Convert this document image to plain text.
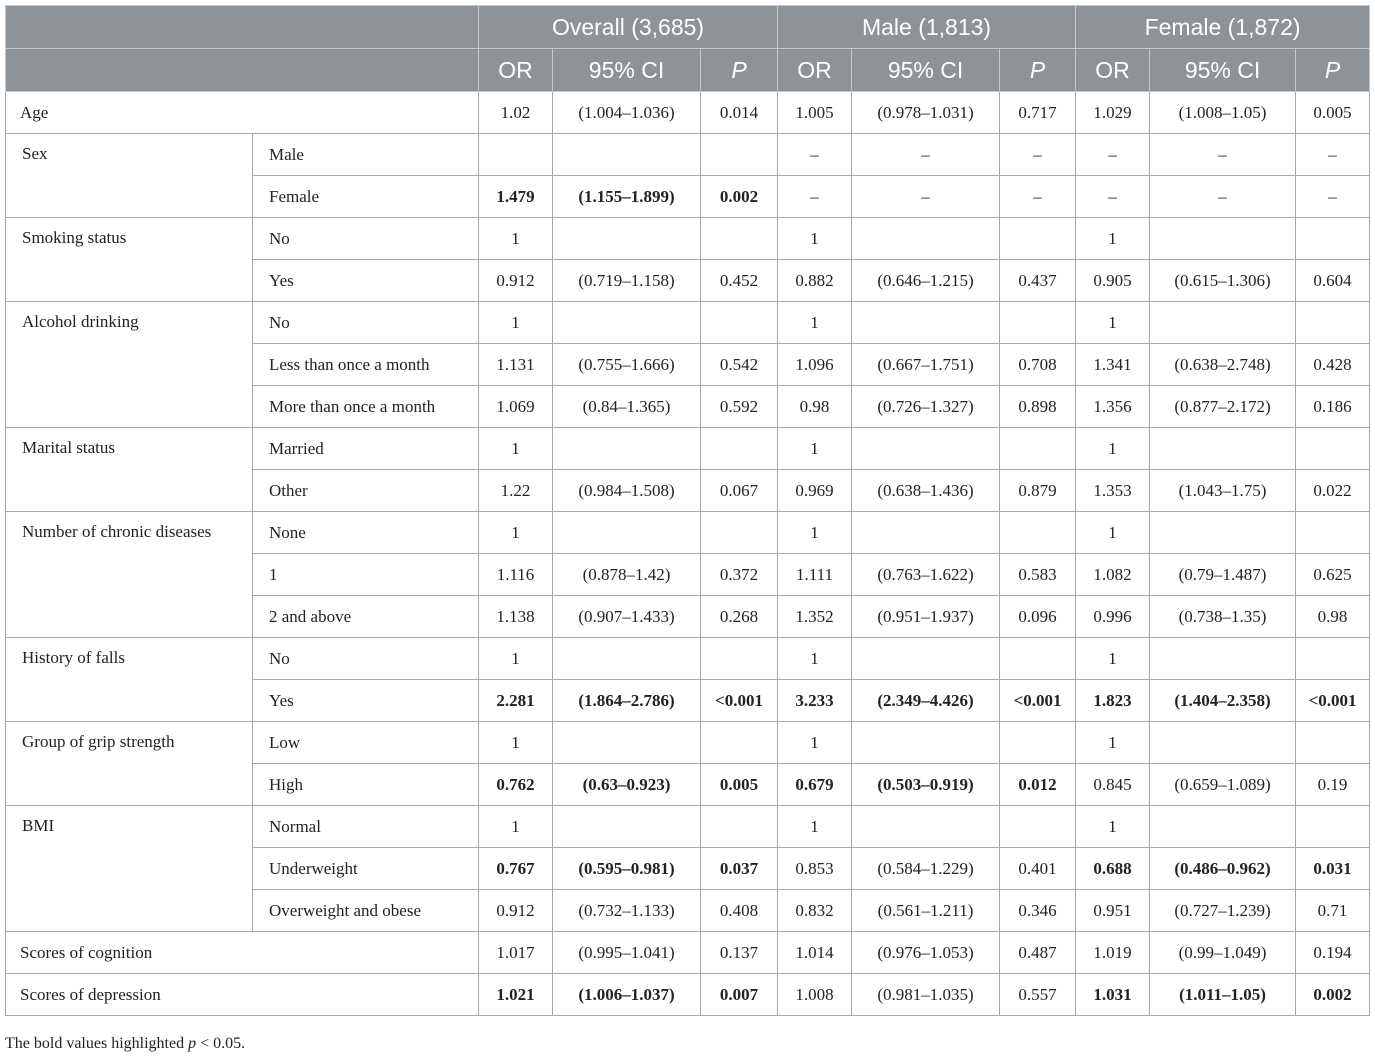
		Overall (3,685)			Male (1,813)			Female (1,872)		
		OR	95% CI	P	OR	95% CI	P	OR	95% CI	P
Age		1.02	(1.004–1.036)	0.014	1.005	(0.978–1.031)	0.717	1.029	(1.008–1.05)	0.005
Sex	Male				–	–	–	–	–	–
	Female	1.479	(1.155–1.899)	0.002	–	–	–	–	–	–
Smoking status	No	1			1			1		
	Yes	0.912	(0.719–1.158)	0.452	0.882	(0.646–1.215)	0.437	0.905	(0.615–1.306)	0.604
Alcohol drinking	No	1			1			1		
	Less than once a month	1.131	(0.755–1.666)	0.542	1.096	(0.667–1.751)	0.708	1.341	(0.638–2.748)	0.428
	More than once a month	1.069	(0.84–1.365)	0.592	0.98	(0.726–1.327)	0.898	1.356	(0.877–2.172)	0.186
Marital status	Married	1			1			1		
	Other	1.22	(0.984–1.508)	0.067	0.969	(0.638–1.436)	0.879	1.353	(1.043–1.75)	0.022
Number of chronic diseases	None	1			1			1		
	1	1.116	(0.878–1.42)	0.372	1.111	(0.763–1.622)	0.583	1.082	(0.79–1.487)	0.625
	2 and above	1.138	(0.907–1.433)	0.268	1.352	(0.951–1.937)	0.096	0.996	(0.738–1.35)	0.98
History of falls	No	1			1			1		
	Yes	2.281	(1.864–2.786)	<0.001	3.233	(2.349–4.426)	<0.001	1.823	(1.404–2.358)	<0.001
Group of grip strength	Low	1			1			1		
	High	0.762	(0.63–0.923)	0.005	0.679	(0.503–0.919)	0.012	0.845	(0.659–1.089)	0.19
BMI	Normal	1			1			1		
	Underweight	0.767	(0.595–0.981)	0.037	0.853	(0.584–1.229)	0.401	0.688	(0.486–0.962)	0.031
	Overweight and obese	0.912	(0.732–1.133)	0.408	0.832	(0.561–1.211)	0.346	0.951	(0.727–1.239)	0.71
Scores of cognition		1.017	(0.995–1.041)	0.137	1.014	(0.976–1.053)	0.487	1.019	(0.99–1.049)	0.194
Scores of depression		1.021	(1.006–1.037)	0.007	1.008	(0.981–1.035)	0.557	1.031	(1.011–1.05)	0.002
The bold values highlighted p < 0.05.
